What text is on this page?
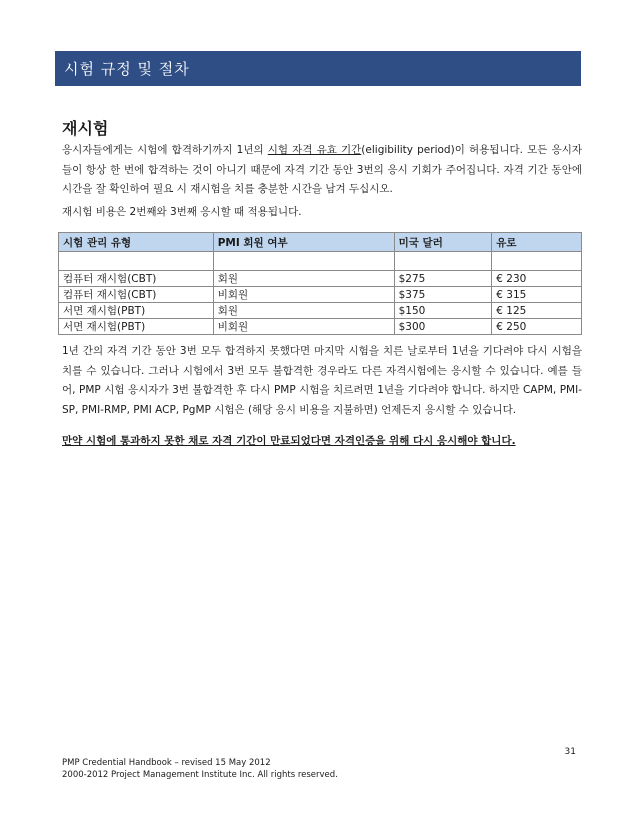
시험 규정 및 절차
재시험

응시자들에게는 시험에 합격하기까지 1년의 시험 자격 유효 기간(eligibility period)이 허용됩니다. 모든 응시자들이 항상 한 번에 합격하는 것이 아니기 때문에 자격 기간 동안 3번의 응시 기회가 주어집니다. 자격 기간 동안에 시간을 잘 확인하여 필요 시 재시험을 치를 충분한 시간을 남겨 두십시오.

재시험 비용은 2번째와 3번째 응시할 때 적용됩니다.

시험 관리 유형	PMI 회원 여부	미국 달러	유로

컴퓨터 재시험(CBT)	회원	$275	€ 230
컴퓨터 재시험(CBT)	비회원	$375	€ 315
서면 재시험(PBT)	회원	$150	€ 125
서면 재시험(PBT)	비회원	$300	€ 250

1년 간의 자격 기간 동안 3번 모두 합격하지 못했다면 마지막 시험을 치른 날로부터 1년을 기다려야 다시 시험을 치를 수 있습니다. 그러나 시험에서 3번 모두 불합격한 경우라도 다른 자격시험에는 응시할 수 있습니다. 예를 들어, PMP 시험 응시자가 3번 불합격한 후 다시 PMP 시험을 치르려면 1년을 기다려야 합니다. 하지만 CAPM, PMI-SP, PMI-RMP, PMI ACP, PgMP 시험은 (해당 응시 비용을 지불하면) 언제든지 응시할 수 있습니다.

만약 시험에 통과하지 못한 채로 자격 기간이 만료되었다면 자격인증을 위해 다시 응시해야 합니다.

31
PMP Credential Handbook – revised 15 May 2012
2000-2012 Project Management Institute Inc. All rights reserved.
